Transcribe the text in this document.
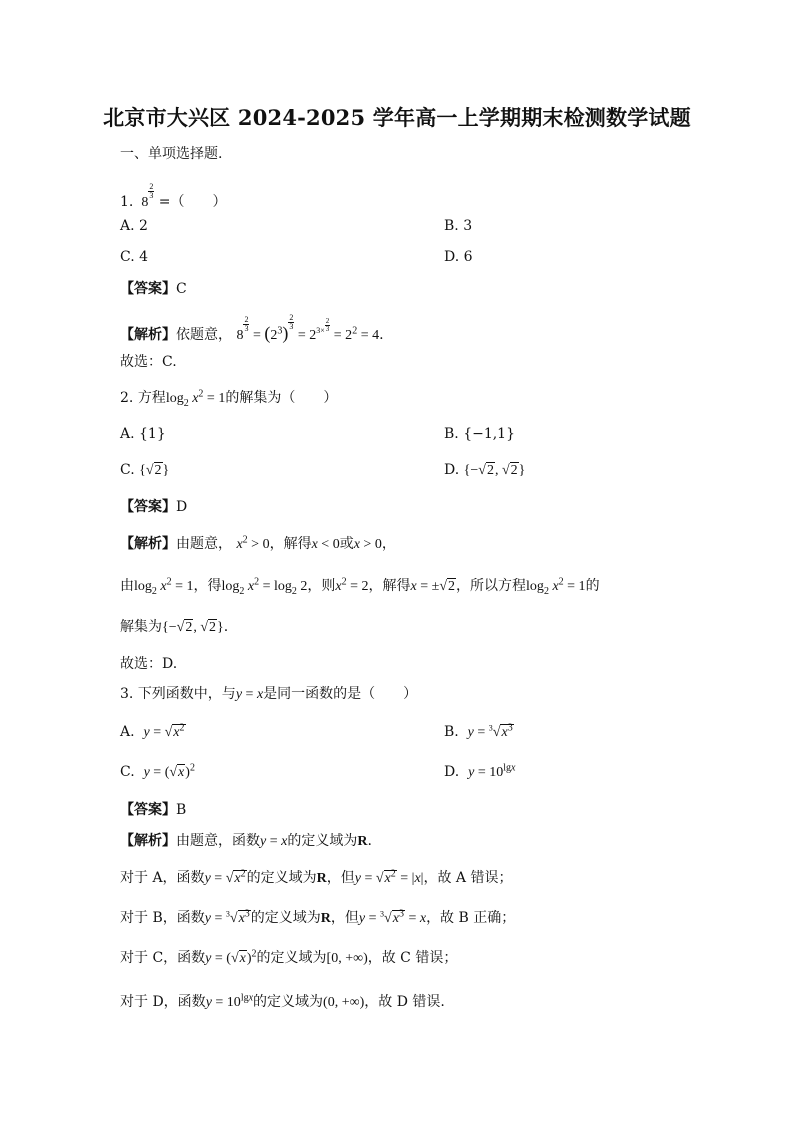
北京市大兴区 2024-2025 学年高一上学期期末检测数学试题
一、单项选择题.
1.  8
$\frac{2}{3}$
=（　　）
A. 2	B. 3
C. 4	D. 6
【答案】C
【解析】依题意， 8
$\frac{2}{3}$
= $(2^3)$
$\frac{2}{3}$
= $2^{3\times \frac{2}{3}}$
= $2^2 = 4$.
故选：C.
2. 方程$\log_2 x^2 = 1$的解集为（　　）
A. {1}	B. {−1,1}
C. {√2}	D. {−√2, √2}
【答案】D
【解析】由题意， $x^2 > 0$，解得x < 0或x > 0，
由$\log_2 x^2 = 1$，得$\log_2 x^2 = \log_2 2$，则$x^2 = 2$，解得x = ±√2，所以方程$\log_2 x^2 = 1$的
解集为{−√2, √2}.
故选：D.
3. 下列函数中，与y = x是同一函数的是（　　）
A. $y = √x^2$	B. $y = ^3√x^3$
C. $y = (√x)^2$	D. $y = 10^{lgx}$
【答案】B
【解析】由题意，函数y = x的定义域为R.
对于 A，函数$y = √x^2$的定义域为R，但$y = √x^2 = |x|$，故 A 错误；
对于 B，函数$y = ^3√x^3$的定义域为R，但$y = ^3√x^3 = x$，故 B 正确；
对于 C，函数$y = (√x)^2$的定义域为[0, +∞)，故 C 错误；
对于 D，函数$y = 10^{lgx}$的定义域为(0, +∞)，故 D 错误.
